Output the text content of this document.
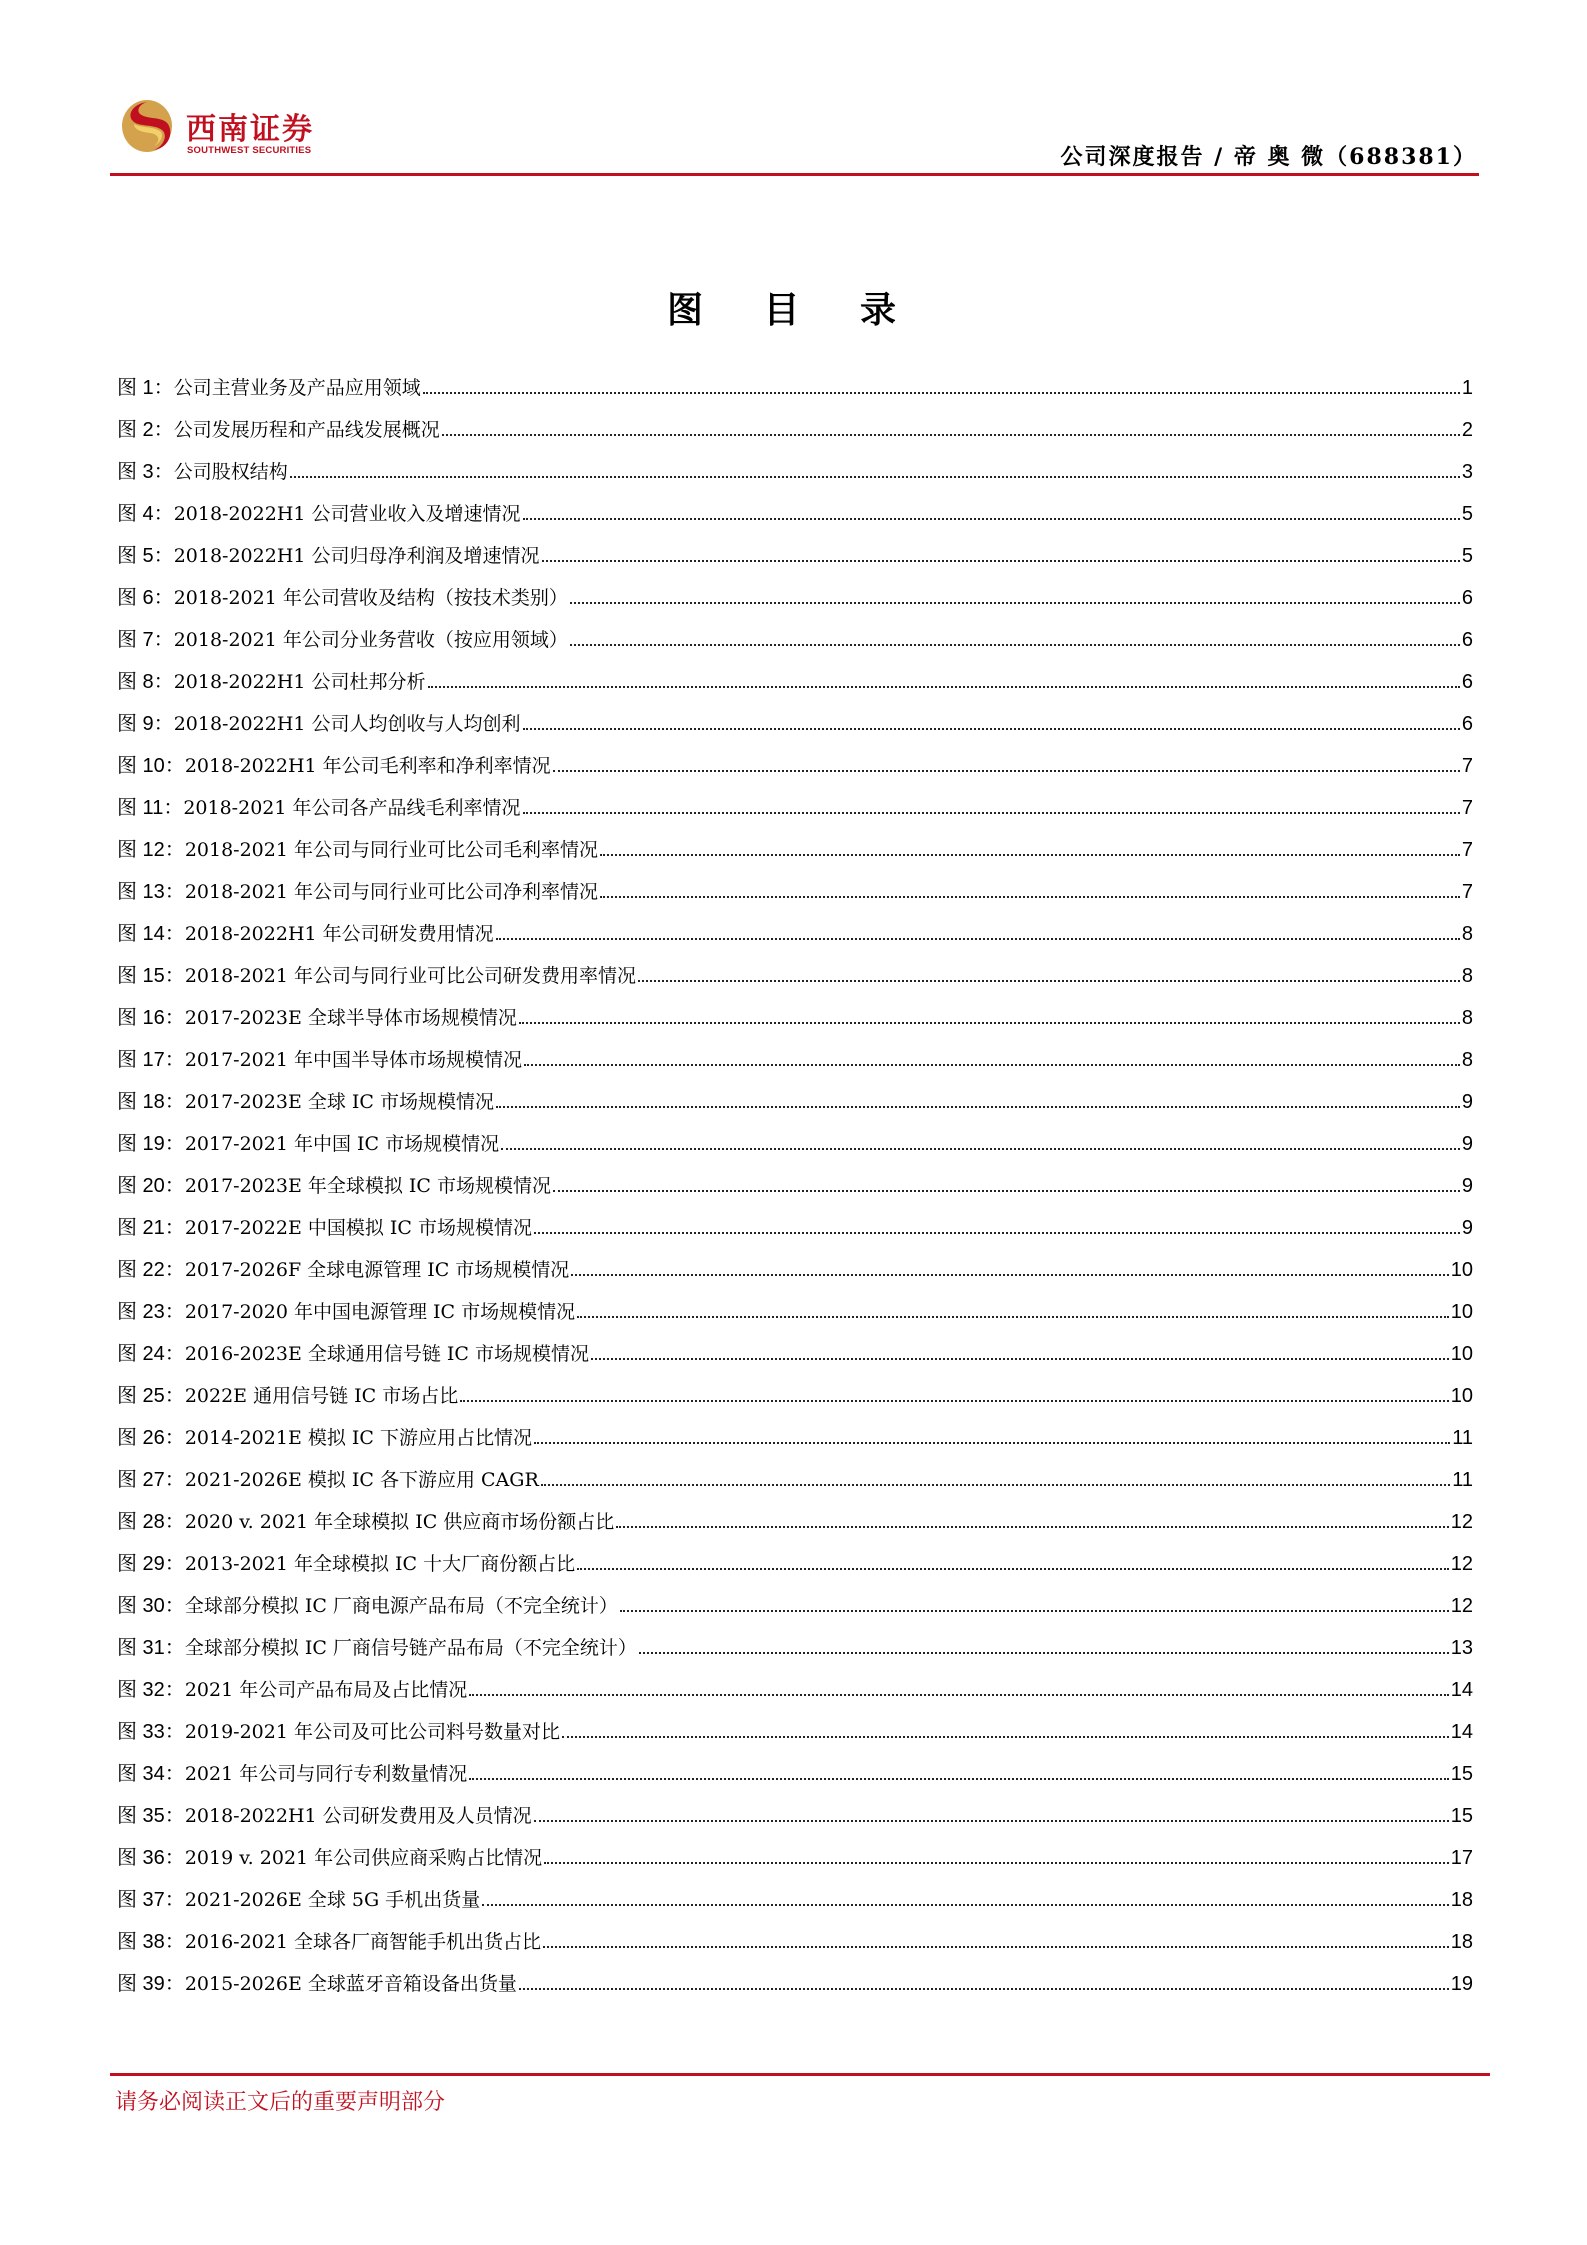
西南证券
SOUTHWEST SECURITIES	公司深度报告 / 帝 奥 微（688381）
图 目 录
图 1： 公司主营业务及产品应用领域	1
图 2： 公司发展历程和产品线发展概况	2
图 3： 公司股权结构	3
图 4： 2018-2022H1 公司营业收入及增速情况	5
图 5： 2018-2022H1 公司归母净利润及增速情况	5
图 6： 2018-2021 年公司营收及结构（按技术类别）	6
图 7： 2018-2021 年公司分业务营收（按应用领域）	6
图 8： 2018-2022H1 公司杜邦分析	6
图 9： 2018-2022H1 公司人均创收与人均创利	6
图 10： 2018-2022H1 年公司毛利率和净利率情况	7
图 11： 2018-2021 年公司各产品线毛利率情况	7
图 12： 2018-2021 年公司与同行业可比公司毛利率情况	7
图 13： 2018-2021 年公司与同行业可比公司净利率情况	7
图 14： 2018-2022H1 年公司研发费用情况	8
图 15： 2018-2021 年公司与同行业可比公司研发费用率情况	8
图 16： 2017-2023E 全球半导体市场规模情况	8
图 17： 2017-2021 年中国半导体市场规模情况	8
图 18： 2017-2023E 全球 IC 市场规模情况	9
图 19： 2017-2021 年中国 IC 市场规模情况	9
图 20： 2017-2023E 年全球模拟 IC 市场规模情况	9
图 21： 2017-2022E 中国模拟 IC 市场规模情况	9
图 22： 2017-2026F 全球电源管理 IC 市场规模情况	10
图 23： 2017-2020 年中国电源管理 IC 市场规模情况	10
图 24： 2016-2023E 全球通用信号链 IC 市场规模情况	10
图 25： 2022E 通用信号链 IC 市场占比	10
图 26： 2014-2021E 模拟 IC 下游应用占比情况	11
图 27： 2021-2026E 模拟 IC 各下游应用 CAGR	11
图 28： 2020 v. 2021 年全球模拟 IC 供应商市场份额占比	12
图 29： 2013-2021 年全球模拟 IC 十大厂商份额占比	12
图 30： 全球部分模拟 IC 厂商电源产品布局（不完全统计）	12
图 31： 全球部分模拟 IC 厂商信号链产品布局（不完全统计）	13
图 32： 2021 年公司产品布局及占比情况	14
图 33： 2019-2021 年公司及可比公司料号数量对比	14
图 34： 2021 年公司与同行专利数量情况	15
图 35： 2018-2022H1 公司研发费用及人员情况	15
图 36： 2019 v. 2021 年公司供应商采购占比情况	17
图 37： 2021-2026E 全球 5G 手机出货量	18
图 38： 2016-2021 全球各厂商智能手机出货占比	18
图 39： 2015-2026E 全球蓝牙音箱设备出货量	19
请务必阅读正文后的重要声明部分
